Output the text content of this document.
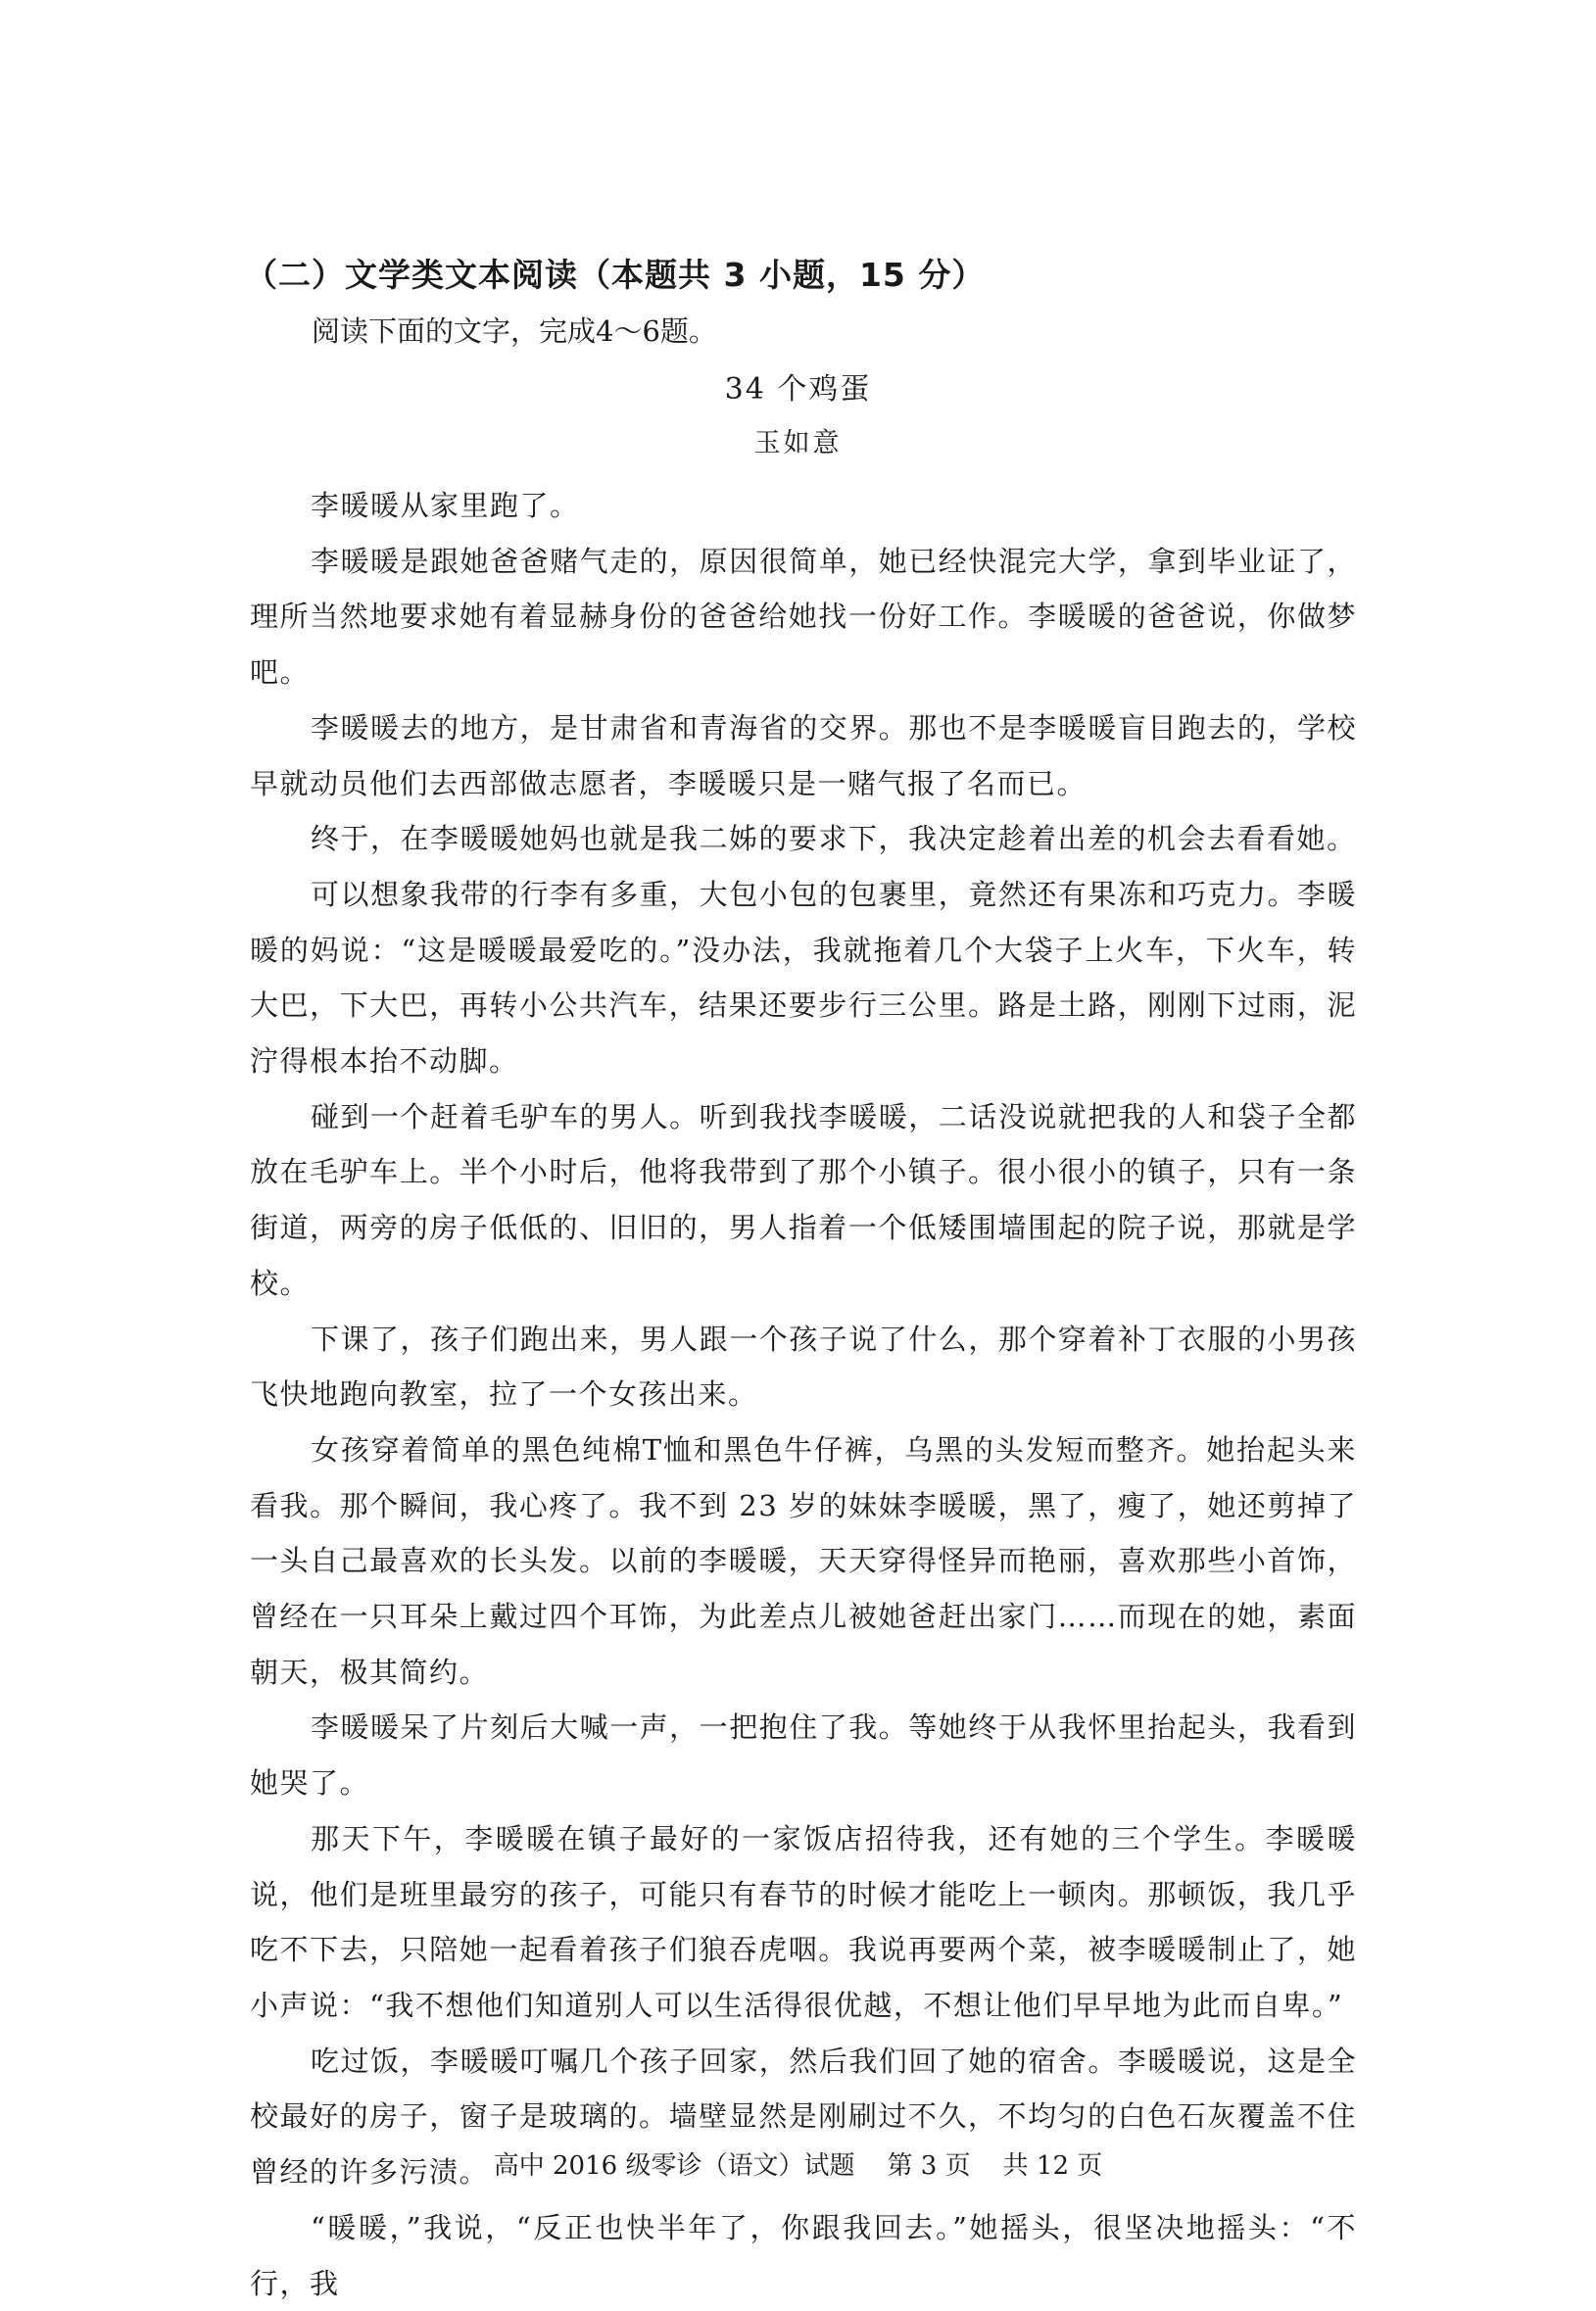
（二）文学类文本阅读（本题共 3 小题，15 分）
阅读下面的文字，完成4～6题。
34 个鸡蛋
玉如意

李暖暖从家里跑了。

李暖暖是跟她爸爸赌气走的，原因很简单，她已经快混完大学，拿到毕业证了，理所当然地要求她有着显赫身份的爸爸给她找一份好工作。李暖暖的爸爸说，你做梦吧。

李暖暖去的地方，是甘肃省和青海省的交界。那也不是李暖暖盲目跑去的，学校早就动员他们去西部做志愿者，李暖暖只是一赌气报了名而已。

终于，在李暖暖她妈也就是我二姊的要求下，我决定趁着出差的机会去看看她。

可以想象我带的行李有多重，大包小包的包裹里，竟然还有果冻和巧克力。李暖暖的妈说：“这是暖暖最爱吃的。”没办法，我就拖着几个大袋子上火车，下火车，转大巴，下大巴，再转小公共汽车，结果还要步行三公里。路是土路，刚刚下过雨，泥泞得根本抬不动脚。

碰到一个赶着毛驴车的男人。听到我找李暖暖，二话没说就把我的人和袋子全都放在毛驴车上。半个小时后，他将我带到了那个小镇子。很小很小的镇子，只有一条街道，两旁的房子低低的、旧旧的，男人指着一个低矮围墙围起的院子说，那就是学校。

下课了，孩子们跑出来，男人跟一个孩子说了什么，那个穿着补丁衣服的小男孩飞快地跑向教室，拉了一个女孩出来。

女孩穿着简单的黑色纯棉T恤和黑色牛仔裤，乌黑的头发短而整齐。她抬起头来看我。那个瞬间，我心疼了。我不到 23 岁的妹妹李暖暖，黑了，瘦了，她还剪掉了一头自己最喜欢的长头发。以前的李暖暖，天天穿得怪异而艳丽，喜欢那些小首饰，曾经在一只耳朵上戴过四个耳饰，为此差点儿被她爸赶出家门……而现在的她，素面朝天，极其简约。

李暖暖呆了片刻后大喊一声，一把抱住了我。等她终于从我怀里抬起头，我看到她哭了。

那天下午，李暖暖在镇子最好的一家饭店招待我，还有她的三个学生。李暖暖说，他们是班里最穷的孩子，可能只有春节的时候才能吃上一顿肉。那顿饭，我几乎吃不下去，只陪她一起看着孩子们狼吞虎咽。我说再要两个菜，被李暖暖制止了，她小声说：“我不想他们知道别人可以生活得很优越，不想让他们早早地为此而自卑。”

吃过饭，李暖暖叮嘱几个孩子回家，然后我们回了她的宿舍。李暖暖说，这是全校最好的房子，窗子是玻璃的。墙壁显然是刚刷过不久，不均匀的白色石灰覆盖不住曾经的许多污渍。

“暖暖，”我说，“反正也快半年了，你跟我回去。”她摇头，很坚决地摇头：“不行，我

高中 2016 级零诊（语文）试题    第 3 页    共 12 页
